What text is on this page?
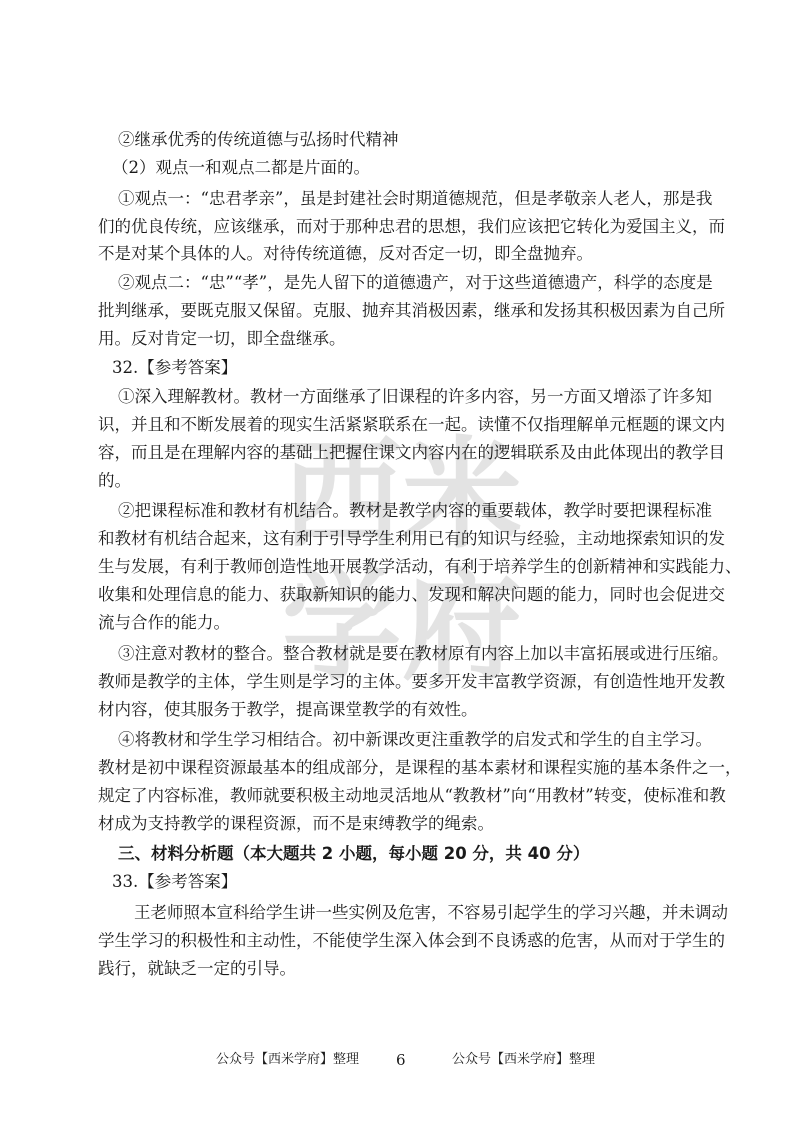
西 米
学 府
②继承优秀的传统道德与弘扬时代精神
（2）观点一和观点二都是片面的。
①观点一：“忠君孝亲”，虽是封建社会时期道德规范，但是孝敬亲人老人，那是我
们的优良传统，应该继承，而对于那种忠君的思想，我们应该把它转化为爱国主义，而
不是对某个具体的人。对待传统道德，反对否定一切，即全盘抛弃。
②观点二：“忠”“孝”，是先人留下的道德遗产，对于这些道德遗产，科学的态度是
批判继承，要既克服又保留。克服、抛弃其消极因素，继承和发扬其积极因素为自己所
用。反对肯定一切，即全盘继承。
32.【参考答案】
①深入理解教材。教材一方面继承了旧课程的许多内容，另一方面又增添了许多知
识，并且和不断发展着的现实生活紧紧联系在一起。读懂不仅指理解单元框题的课文内
容，而且是在理解内容的基础上把握住课文内容内在的逻辑联系及由此体现出的教学目
的。
②把课程标准和教材有机结合。教材是教学内容的重要载体，教学时要把课程标准
和教材有机结合起来，这有利于引导学生利用已有的知识与经验，主动地探索知识的发
生与发展，有利于教师创造性地开展教学活动，有利于培养学生的创新精神和实践能力、
收集和处理信息的能力、获取新知识的能力、发现和解决问题的能力，同时也会促进交
流与合作的能力。
③注意对教材的整合。整合教材就是要在教材原有内容上加以丰富拓展或进行压缩。
教师是教学的主体，学生则是学习的主体。要多开发丰富教学资源，有创造性地开发教
材内容，使其服务于教学，提高课堂教学的有效性。
④将教材和学生学习相结合。初中新课改更注重教学的启发式和学生的自主学习。
教材是初中课程资源最基本的组成部分，是课程的基本素材和课程实施的基本条件之一，
规定了内容标准，教师就要积极主动地灵活地从“教教材”向“用教材”转变，使标准和教
材成为支持教学的课程资源，而不是束缚教学的绳索。
三、材料分析题（本大题共 2 小题，每小题 20 分，共 40 分）
33.【参考答案】
王老师照本宣科给学生讲一些实例及危害，不容易引起学生的学习兴趣，并未调动
学生学习的积极性和主动性，不能使学生深入体会到不良诱惑的危害，从而对于学生的
践行，就缺乏一定的引导。
公众号【西米学府】整理 6	公众号【西米学府】整理
